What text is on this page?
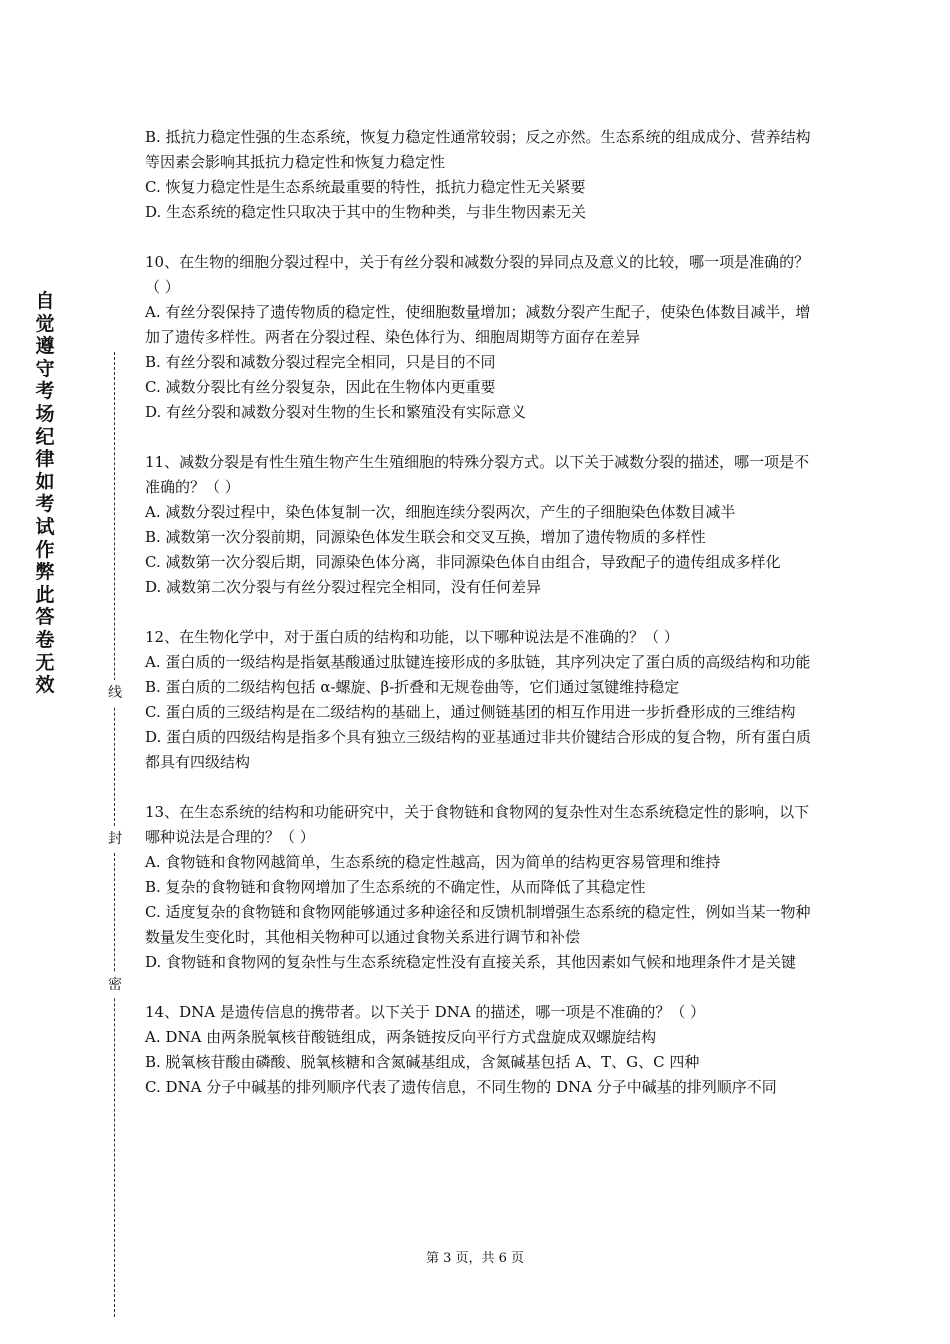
自
觉
遵
守
考
场
纪
律
如
考
试
作
弊
此
答
卷
无
效	线
封
密

B. 抵抗力稳定性强的生态系统，恢复力稳定性通常较弱；反之亦然。生态系统的组成成分、营养结构等因素会影响其抵抗力稳定性和恢复力稳定性

C. 恢复力稳定性是生态系统最重要的特性，抵抗力稳定性无关紧要

D. 生态系统的稳定性只取决于其中的生物种类，与非生物因素无关

10、在生物的细胞分裂过程中，关于有丝分裂和减数分裂的异同点及意义的比较，哪一项是准确的？（ ）

A. 有丝分裂保持了遗传物质的稳定性，使细胞数量增加；减数分裂产生配子，使染色体数目减半，增加了遗传多样性。两者在分裂过程、染色体行为、细胞周期等方面存在差异

B. 有丝分裂和减数分裂过程完全相同，只是目的不同

C. 减数分裂比有丝分裂复杂，因此在生物体内更重要

D. 有丝分裂和减数分裂对生物的生长和繁殖没有实际意义

11、减数分裂是有性生殖生物产生生殖细胞的特殊分裂方式。以下关于减数分裂的描述，哪一项是不准确的？（ ）

A. 减数分裂过程中，染色体复制一次，细胞连续分裂两次，产生的子细胞染色体数目减半

B. 减数第一次分裂前期，同源染色体发生联会和交叉互换，增加了遗传物质的多样性

C. 减数第一次分裂后期，同源染色体分离，非同源染色体自由组合，导致配子的遗传组成多样化

D. 减数第二次分裂与有丝分裂过程完全相同，没有任何差异

12、在生物化学中，对于蛋白质的结构和功能，以下哪种说法是不准确的？（ ）

A. 蛋白质的一级结构是指氨基酸通过肽键连接形成的多肽链，其序列决定了蛋白质的高级结构和功能

B. 蛋白质的二级结构包括 α-螺旋、β-折叠和无规卷曲等，它们通过氢键维持稳定

C. 蛋白质的三级结构是在二级结构的基础上，通过侧链基团的相互作用进一步折叠形成的三维结构

D. 蛋白质的四级结构是指多个具有独立三级结构的亚基通过非共价键结合形成的复合物，所有蛋白质都具有四级结构

13、在生态系统的结构和功能研究中，关于食物链和食物网的复杂性对生态系统稳定性的影响，以下哪种说法是合理的？（ ）

A. 食物链和食物网越简单，生态系统的稳定性越高，因为简单的结构更容易管理和维持

B. 复杂的食物链和食物网增加了生态系统的不确定性，从而降低了其稳定性

C. 适度复杂的食物链和食物网能够通过多种途径和反馈机制增强生态系统的稳定性，例如当某一物种数量发生变化时，其他相关物种可以通过食物关系进行调节和补偿

D. 食物链和食物网的复杂性与生态系统稳定性没有直接关系，其他因素如气候和地理条件才是关键

14、DNA 是遗传信息的携带者。以下关于 DNA 的描述，哪一项是不准确的？（ ）

A. DNA 由两条脱氧核苷酸链组成，两条链按反向平行方式盘旋成双螺旋结构

B. 脱氧核苷酸由磷酸、脱氧核糖和含氮碱基组成，含氮碱基包括 A、T、G、C 四种

C. DNA 分子中碱基的排列顺序代表了遗传信息，不同生物的 DNA 分子中碱基的排列顺序不同

第 3 页，共 6 页
